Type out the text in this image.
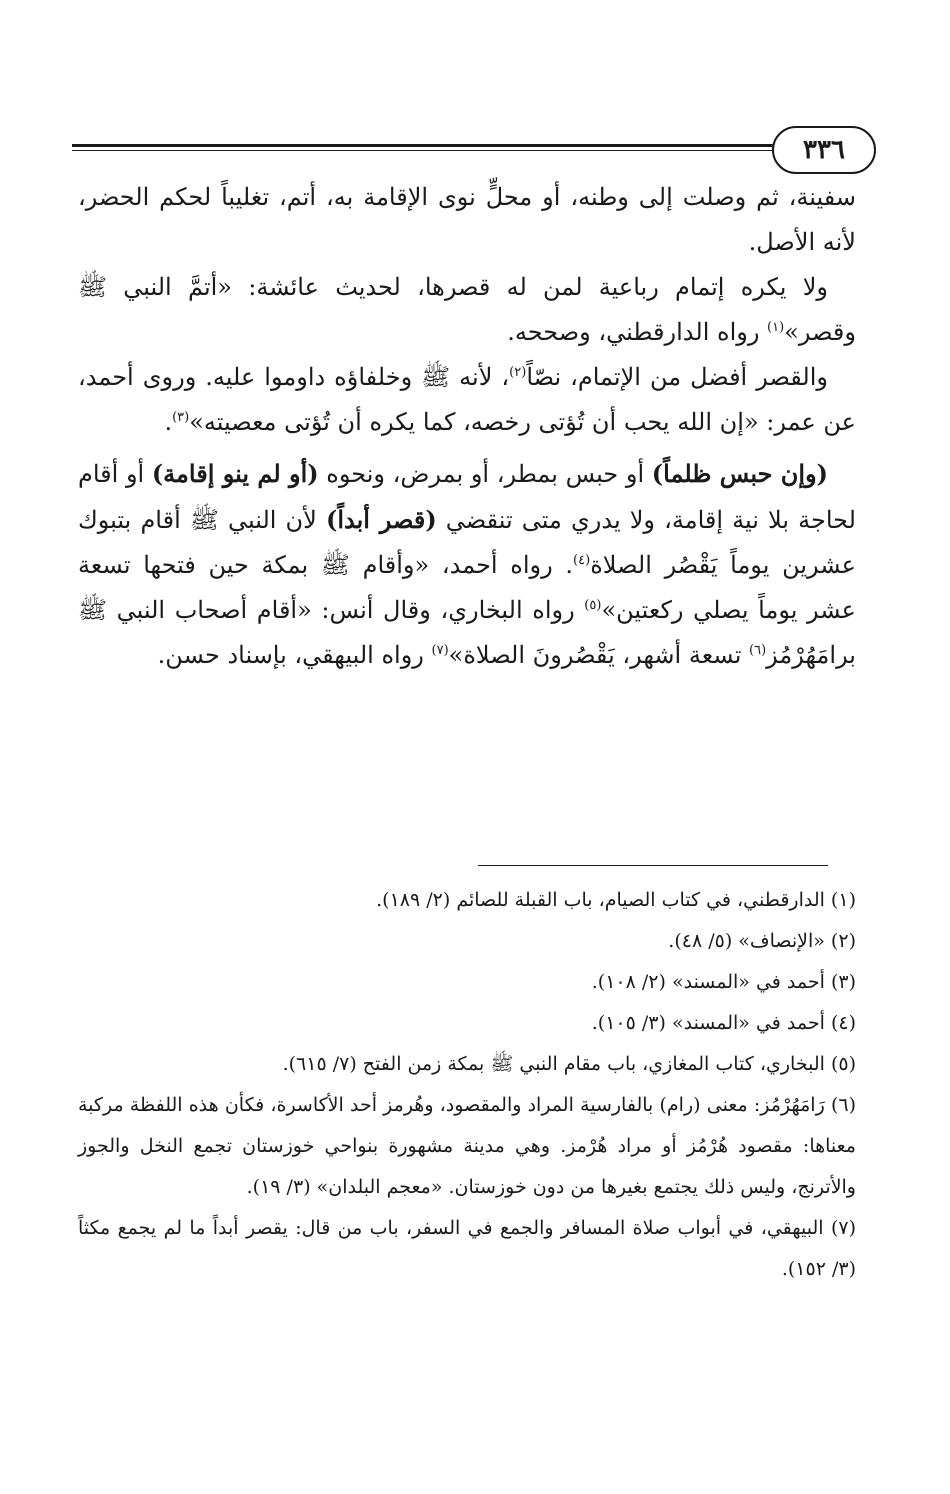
٣٣٦

سفينة، ثم وصلت إلى وطنه، أو محلٍّ نوى الإقامة به، أتم، تغليباً لحكم الحضر، لأنه الأصل.

ولا يكره إتمام رباعية لمن له قصرها، لحديث عائشة: «أتمَّ النبي ﷺ وقصر»$^{(١)}$ رواه الدارقطني، وصححه.

والقصر أفضل من الإتمام، نصّاً$^{(٢)}$، لأنه ﷺ وخلفاؤه داوموا عليه. وروى أحمد، عن عمر: «إن الله يحب أن تُؤتى رخصه، كما يكره أن تُؤتى معصيته»$^{(٣)}$.

(وإن حبس ظلماً) أو حبس بمطر، أو بمرض، ونحوه (أو لم ينو إقامة) أو أقام لحاجة بلا نية إقامة، ولا يدري متى تنقضي (قصر أبداً) لأن النبي ﷺ أقام بتبوك عشرين يوماً يَقْصُر الصلاة$^{(٤)}$. رواه أحمد، «وأقام ﷺ بمكة حين فتحها تسعة عشر يوماً يصلي ركعتين»$^{(٥)}$ رواه البخاري، وقال أنس: «أقام أصحاب النبي ﷺ برامَهُرْمُز$^{(٦)}$ تسعة أشهر، يَقْصُرونَ الصلاة»$^{(٧)}$ رواه البيهقي، بإسناد حسن.

(١) الدارقطني، في كتاب الصيام، باب القبلة للصائم (٢/ ١٨٩).
(٢) «الإنصاف» (٥/ ٤٨).
(٣) أحمد في «المسند» (٢/ ١٠٨).
(٤) أحمد في «المسند» (٣/ ١٠٥).
(٥) البخاري، كتاب المغازي، باب مقام النبي ﷺ بمكة زمن الفتح (٧/ ٦١٥).
(٦) رَامَهُرْمُز: معنى (رام) بالفارسية المراد والمقصود، وهُرمز أحد الأكاسرة، فكأن هذه اللفظة مركبة معناها: مقصود هُرْمُز أو مراد هُرْمز. وهي مدينة مشهورة بنواحي خوزستان تجمع النخل والجوز والأترنج، وليس ذلك يجتمع بغيرها من دون خوزستان. «معجم البلدان» (٣/ ١٩).
(٧) البيهقي، في أبواب صلاة المسافر والجمع في السفر، باب من قال: يقصر أبداً ما لم يجمع مكثاً (٣/ ١٥٢).
